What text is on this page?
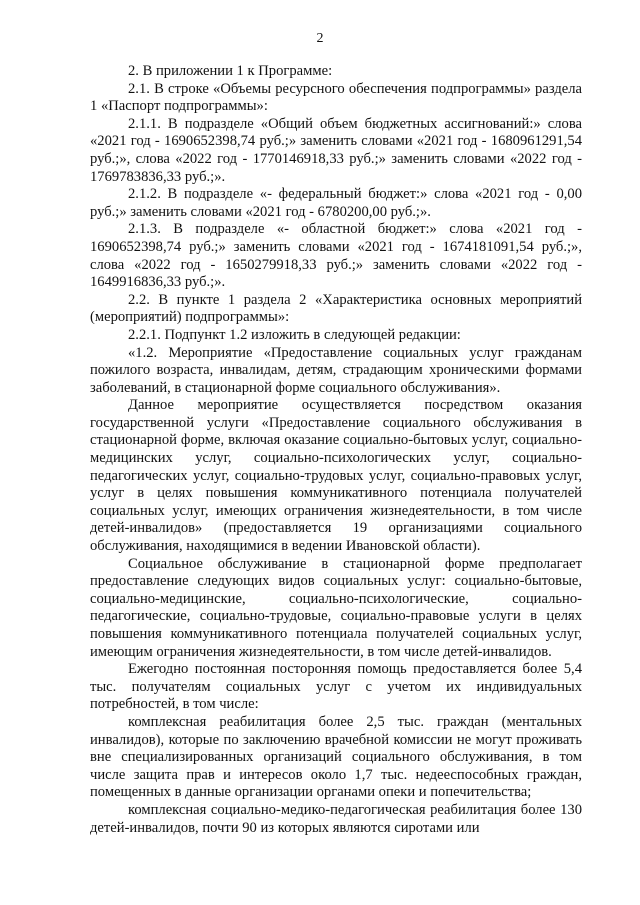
2

2. В приложении 1 к Программе:

2.1. В строке «Объемы ресурсного обеспечения подпрограммы» раздела 1 «Паспорт подпрограммы»:

2.1.1. В подразделе «Общий объем бюджетных ассигнований:» слова «2021 год - 1690652398,74 руб.;» заменить словами «2021 год - 1680961291,54 руб.;», слова «2022 год - 1770146918,33 руб.;» заменить словами «2022 год - 1769783836,33 руб.;».

2.1.2. В подразделе «- федеральный бюджет:» слова «2021 год - 0,00 руб.;» заменить словами «2021 год - 6780200,00 руб.;».

2.1.3. В подразделе «- областной бюджет:» слова «2021 год - 1690652398,74 руб.;» заменить словами «2021 год - 1674181091,54 руб.;», слова «2022 год - 1650279918,33 руб.;» заменить словами «2022 год - 1649916836,33 руб.;».

2.2. В пункте 1 раздела 2 «Характеристика основных мероприятий (мероприятий) подпрограммы»:

2.2.1. Подпункт 1.2 изложить в следующей редакции:

«1.2. Мероприятие «Предоставление социальных услуг гражданам пожилого возраста, инвалидам, детям, страдающим хроническими формами заболеваний, в стационарной форме социального обслуживания».

Данное мероприятие осуществляется посредством оказания государственной услуги «Предоставление социального обслуживания в стационарной форме, включая оказание социально-бытовых услуг, социально-медицинских услуг, социально-психологических услуг, социально-педагогических услуг, социально-трудовых услуг, социально-правовых услуг, услуг в целях повышения коммуникативного потенциала получателей социальных услуг, имеющих ограничения жизнедеятельности, в том числе детей-инвалидов» (предоставляется 19 организациями социального обслуживания, находящимися в ведении Ивановской области).

Социальное обслуживание в стационарной форме предполагает предоставление следующих видов социальных услуг: социально-бытовые, социально-медицинские, социально-психологические, социально-педагогические, социально-трудовые, социально-правовые услуги в целях повышения коммуникативного потенциала получателей социальных услуг, имеющим ограничения жизнедеятельности, в том числе детей-инвалидов.

Ежегодно постоянная посторонняя помощь предоставляется более 5,4 тыс. получателям социальных услуг с учетом их индивидуальных потребностей, в том числе:

комплексная реабилитация более 2,5 тыс. граждан (ментальных инвалидов), которые по заключению врачебной комиссии не могут проживать вне специализированных организаций социального обслуживания, в том числе защита прав и интересов около 1,7 тыс. недееспособных граждан, помещенных в данные организации органами опеки и попечительства;

комплексная социально-медико-педагогическая реабилитация более 130 детей-инвалидов, почти 90 из которых являются сиротами или
